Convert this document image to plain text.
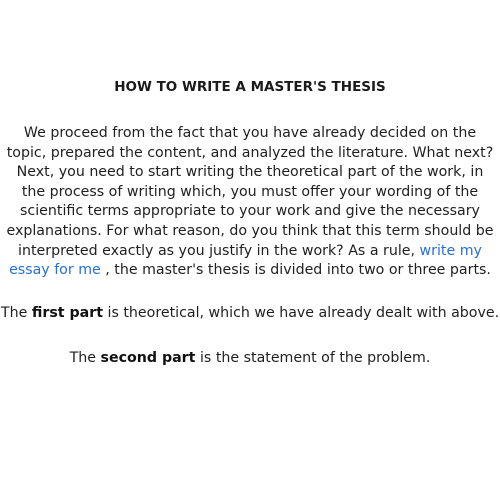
HOW TO WRITE A MASTER'S THESIS

We proceed from the fact that you have already decided on the topic, prepared the content, and analyzed the literature. What next? Next, you need to start writing the theoretical part of the work, in the process of writing which, you must offer your wording of the scientific terms appropriate to your work and give the necessary explanations. For what reason, do you think that this term should be interpreted exactly as you justify in the work? As a rule, write my essay for me , the master's thesis is divided into two or three parts.

The first part is theoretical, which we have already dealt with above.

The second part is the statement of the problem.
